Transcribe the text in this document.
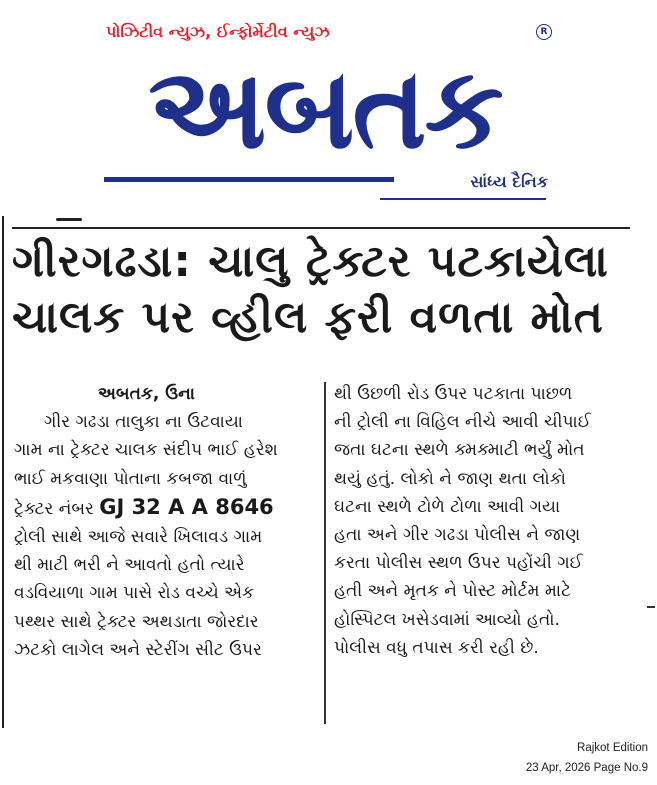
પોઝિટીવ ન્યુઝ, ઈન્ફોર્મેટીવ ન્યુઝ	R
અબતક
સાંધ્ય દૈનિક
ગીરગઢડા: ચાલુ ટ્રેક્ટર પટકાયેલા
ચાલક પર વ્હીલ ફરી વળતા મોત

અબતક, ઉના

ગીર ગઢડા તાલુકા ના ઉટવાયા

ગામ ના ટ્રેક્ટર ચાલક સંદીપ ભાઈ હરેશ

ભાઈ મકવાણા પોતાના કબજા વાળું

ટ્રેક્ટર નંબર GJ 32 A A 8646

ટ્રોલી સાથે આજે સવારે ખિલાવડ ગામ

થી માટી ભરી ને આવતો હતો ત્યારે

વડવિયાળા ગામ પાસે રોડ વચ્ચે એક

પથ્થર સાથે ટ્રેક્ટર અથડાતા જોરદાર

ઝટકો લાગેલ અને સ્ટેરીંગ સીટ ઉપર

થી ઉછળી રોડ ઉપર પટકાતા પાછળ

ની ટ્રોલી ના વિહિલ નીચે આવી ચીપાઈ

જતા ઘટના સ્થળે ક્મક્માટી ભર્યું મોત

થયું હતું. લોકો ને જાણ થતા લોકો

ઘટના સ્થળે ટોળે ટોળા આવી ગયા

હતા અને ગીર ગઢડા પોલીસ ને જાણ

કરતા પોલીસ સ્થળ ઉપર પહોંચી ગઈ

હતી અને મૃતક ને પોસ્ટ મોર્ટમ માટે

હોસ્પિટલ ખસેડવામાં આવ્યો હતો.

પોલીસ વધુ તપાસ કરી રહી છે.

Rajkot Edition
23 Apr, 2026 Page No.9
